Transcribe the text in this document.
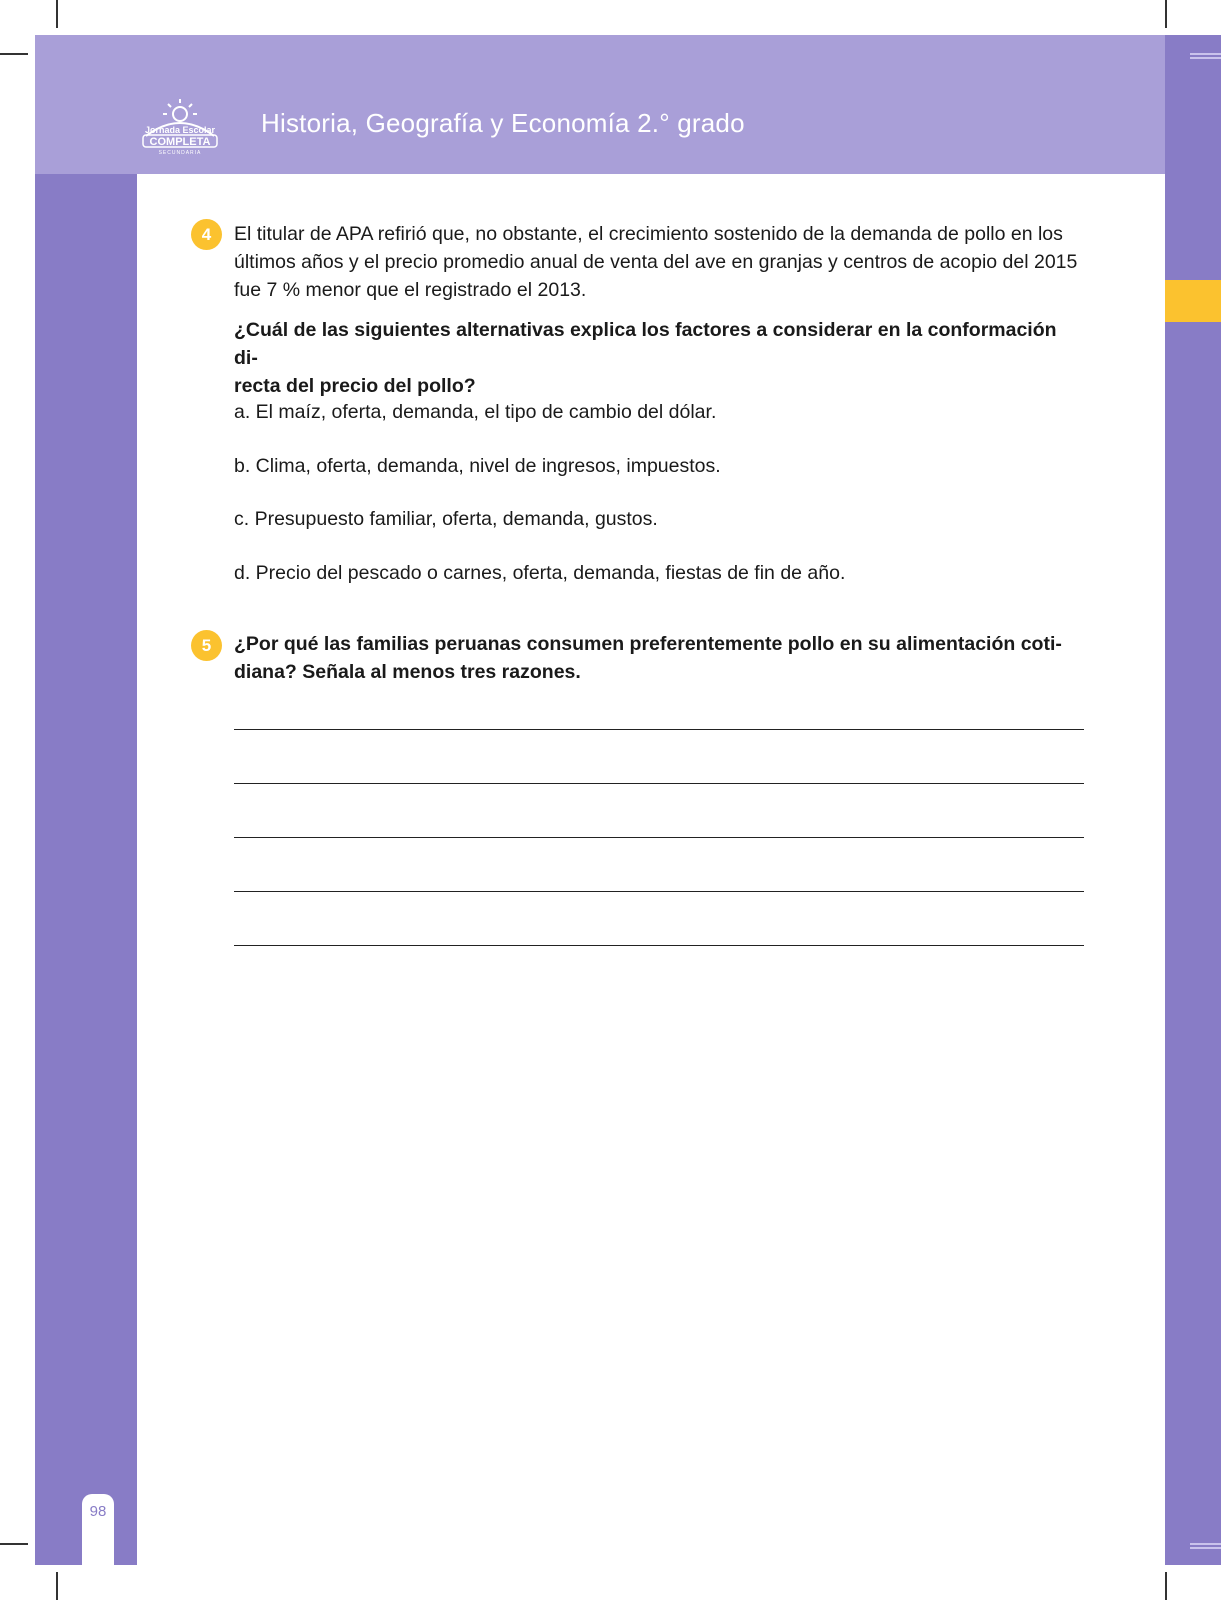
Jornada Escolar
COMPLETA
SECUNDARIA
Historia, Geografía y Economía 2.° grado
4	El titular de APA refirió que, no obstante, el crecimiento sostenido de la demanda de pollo en los
últimos años y el precio promedio anual de venta del ave en granjas y centros de acopio del 2015
fue 7 % menor que el registrado el 2013.
¿Cuál de las siguientes alternativas explica los factores a considerar en la conformación di-
recta del precio del pollo?
a. El maíz, oferta, demanda, el tipo de cambio del dólar.
b. Clima, oferta, demanda, nivel de ingresos, impuestos.
c. Presupuesto familiar, oferta, demanda, gustos.
d. Precio del pescado o carnes, oferta, demanda, fiestas de fin de año.
5	¿Por qué las familias peruanas consumen preferentemente pollo en su alimentación coti-
diana? Señala al menos tres razones.
98
